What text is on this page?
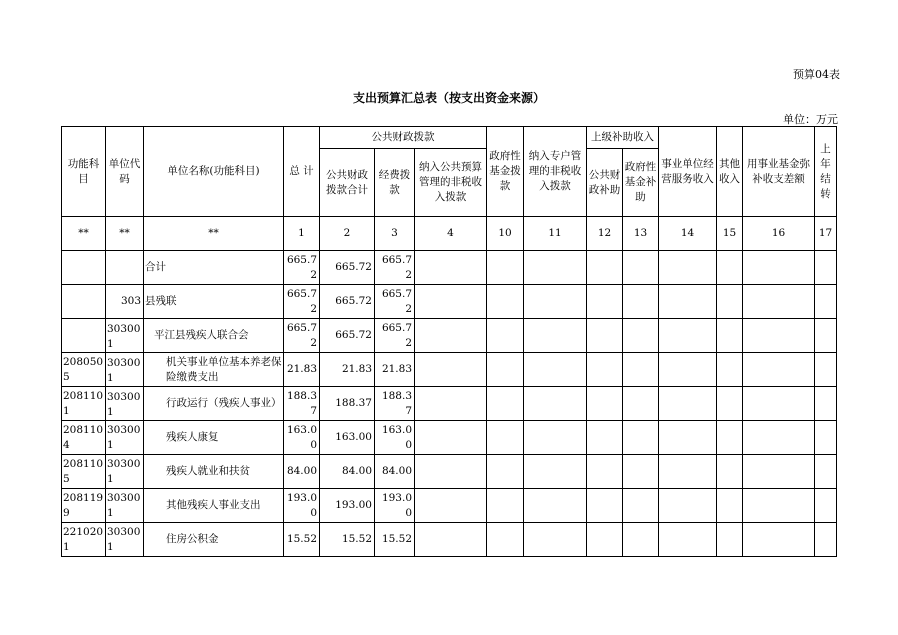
预算04表
支出预算汇总表（按支出资金来源）
单位：万元
功能科目	单位代码	单位名称(功能科目)	总 计	公共财政拨款			政府性基金拨款	纳入专户管理的非税收入拨款	上级补助收入		事业单位经营服务收入	其他收入	用事业基金弥补收支差额	上年结转
				公共财政拨款合计	经费拨款	纳入公共预算管理的非税收入拨款			公共财政补助	政府性基金补助				
**	**	**	1	2	3	4	10	11	12	13	14	15	16	17
		合计	665.72	665.72	665.72									
	303	县残联	665.72	665.72	665.72									
	303001	平江县残疾人联合会	665.72	665.72	665.72									
2080505	303001	机关事业单位基本养老保险缴费支出	21.83	21.83	21.83									
2081101	303001	行政运行（残疾人事业）	188.37	188.37	188.37									
2081104	303001	残疾人康复	163.00	163.00	163.00									
2081105	303001	残疾人就业和扶贫	84.00	84.00	84.00									
2081199	303001	其他残疾人事业支出	193.00	193.00	193.00									
2210201	303001	住房公积金	15.52	15.52	15.52									
